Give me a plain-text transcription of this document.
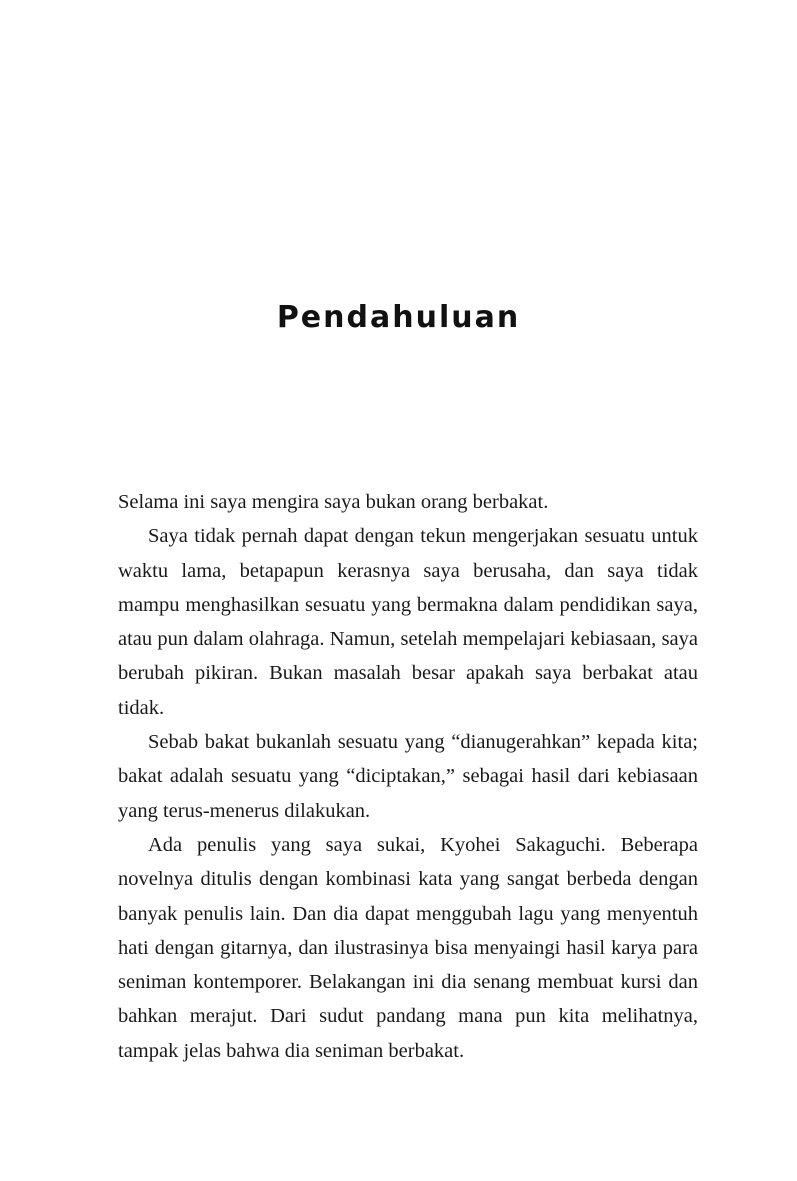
Pendahuluan

Selama ini saya mengira saya bukan orang berbakat.

Saya tidak pernah dapat dengan tekun mengerjakan sesuatu untuk waktu lama, betapapun kerasnya saya berusaha, dan saya tidak mampu menghasilkan sesuatu yang bermakna dalam pendidikan saya, atau pun dalam olahraga. Namun, setelah mempelajari kebiasaan, saya berubah pikiran. Bukan masalah besar apakah saya berbakat atau tidak.

Sebab bakat bukanlah sesuatu yang “dianugerahkan” kepada kita; bakat adalah sesuatu yang “diciptakan,” sebagai hasil dari kebiasaan yang terus-menerus dilakukan.

Ada penulis yang saya sukai, Kyohei Sakaguchi. Beberapa novelnya ditulis dengan kombinasi kata yang sangat berbeda dengan banyak penulis lain. Dan dia dapat menggubah lagu yang menyentuh hati dengan gitarnya, dan ilustrasinya bisa menyaingi hasil karya para seniman kontemporer. Belakangan ini dia senang membuat kursi dan bahkan merajut. Dari sudut pandang mana pun kita melihatnya, tampak jelas bahwa dia seniman berbakat.
